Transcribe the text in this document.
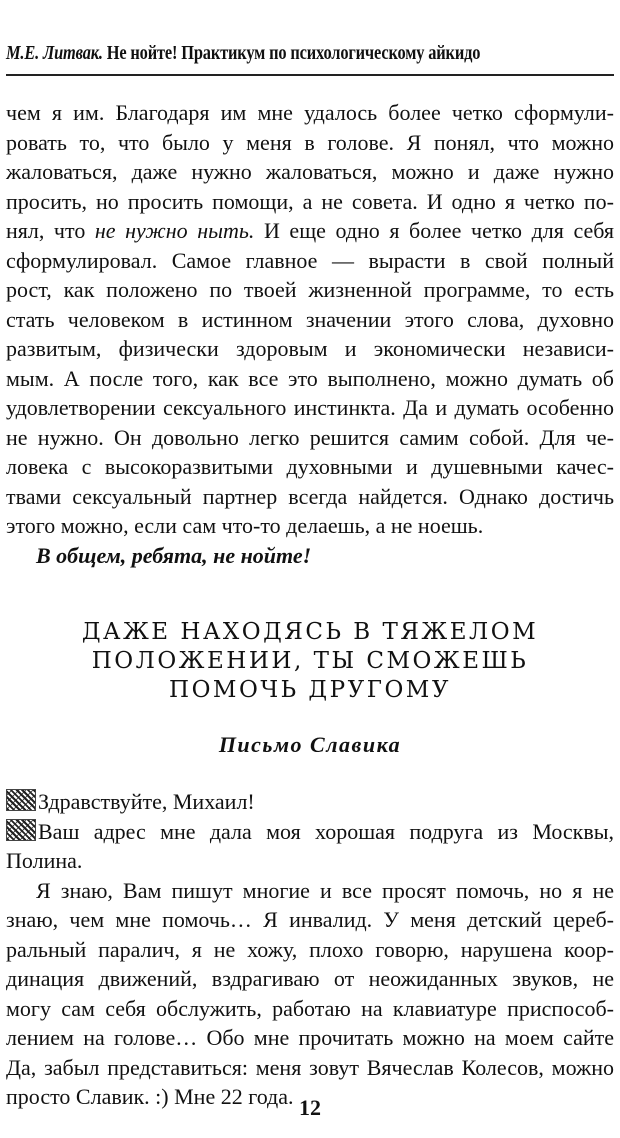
М.Е. Литвак. Не нойте! Практикум по психологическому айкидо
чем я им. Благодаря им мне удалось более четко сформули-
ровать то, что было у меня в голове. Я понял, что можно
жаловаться, даже нужно жаловаться, можно и даже нужно
просить, но просить помощи, а не совета. И одно я четко по-
нял, что не нужно ныть. И еще одно я более четко для себя
сформулировал. Самое главное — вырасти в свой полный
рост, как положено по твоей жизненной программе, то есть
стать человеком в истинном значении этого слова, духовно
развитым, физически здоровым и экономически независи-
мым. А после того, как все это выполнено, можно думать об
удовлетворении сексуального инстинкта. Да и думать особенно
не нужно. Он довольно легко решится самим собой. Для че-
ловека с высокоразвитыми духовными и душевными качес-
твами сексуальный партнер всегда найдется. Однако достичь
этого можно, если сам что-то делаешь, а не ноешь.
В общем, ребята, не нойте!
ДАЖЕ НАХОДЯСЬ В ТЯЖЕЛОМ
ПОЛОЖЕНИИ, ТЫ СМОЖЕШЬ
ПОМОЧЬ ДРУГОМУ
Письмо Славика
Здравствуйте, Михаил!
Ваш адрес мне дала моя хорошая подруга из Москвы,
Полина.
Я знаю, Вам пишут многие и все просят помочь, но я не
знаю, чем мне помочь… Я инвалид. У меня детский цереб-
ральный паралич, я не хожу, плохо говорю, нарушена коор-
динация движений, вздрагиваю от неожиданных звуков, не
могу сам себя обслужить, работаю на клавиатуре приспособ-
лением на голове… Обо мне прочитать можно на моем сайте
Да, забыл представиться: меня зовут Вячеслав Колесов, можно
просто Славик. :) Мне 22 года. 12
